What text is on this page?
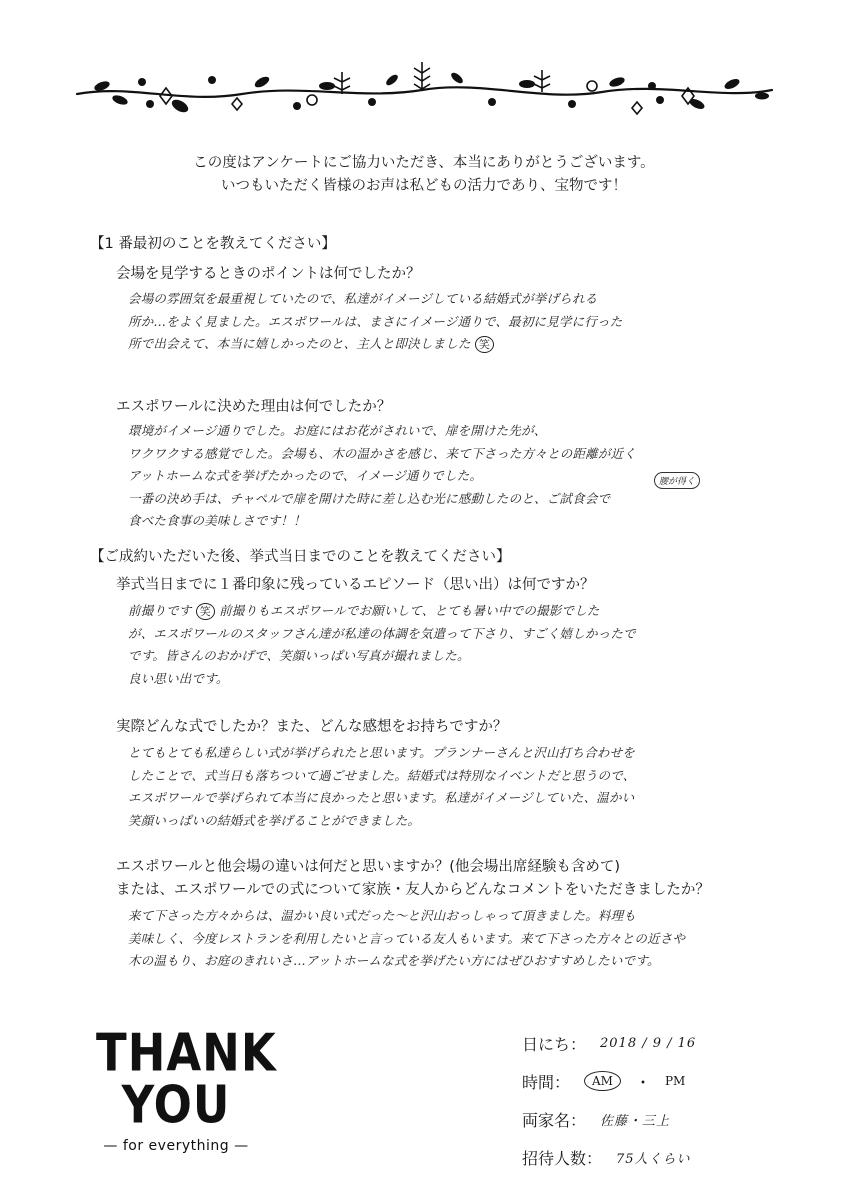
この度はアンケートにご協力いただき、本当にありがとうございます。
いつもいただく皆様のお声は私どもの活力であり、宝物です！
【1 番最初のことを教えてください】
会場を見学するときのポイントは何でしたか？

会場の雰囲気を最重視していたので、私達がイメージしている結婚式が挙げられる

所か…をよく見ました。エスポワールは、まさにイメージ通りで、最初に見学に行った

所で出会えて、本当に嬉しかったのと、主人と即決しました 笑

エスポワールに決めた理由は何でしたか？

環境がイメージ通りでした。お庭にはお花がされいで、扉を開けた先が、

ワクワクする感覚でした。会場も、木の温かさを感じ、来て下さった方々との距離が近く

アットホームな式を挙げたかったので、イメージ通りでした。

一番の決め手は、チャペルで扉を開けた時に差し込む光に感動したのと、ご試食会で

食べた食事の美味しさです！！

腰が得く
【ご成約いただいた後、挙式当日までのことを教えてください】
挙式当日までに１番印象に残っているエピソード（思い出）は何ですか？

前撮りです 笑 前撮りもエスポワールでお願いして、とても暑い中での撮影でした

が、エスポワールのスタッフさん達が私達の体調を気遣って下さり、すごく嬉しかったで

です。皆さんのおかげで、笑顔いっぱい写真が撮れました。

良い思い出です。

実際どんな式でしたか？また、どんな感想をお持ちですか？

とてもとても私達らしい式が挙げられたと思います。プランナーさんと沢山打ち合わせを

したことで、式当日も落ちついて過ごせました。結婚式は特別なイベントだと思うので、

エスポワールで挙げられて本当に良かったと思います。私達がイメージしていた、温かい

笑顔いっぱいの結婚式を挙げることができました。

エスポワールと他会場の違いは何だと思いますか？(他会場出席経験も含めて)
または、エスポワールでの式について家族・友人からどんなコメントをいただきましたか？

来て下さった方々からは、温かい良い式だった〜と沢山おっしゃって頂きました。料理も

美味しく、今度レストランを利用したいと言っている友人もいます。来て下さった方々との近さや

木の温もり、お庭のきれいさ…アットホームな式を挙げたい方にはぜひおすすめしたいです。

THANK
YOU
— for everything —
日にち： 2018 / 9 / 16
時間：	AM	・ PM
両家名： 佐藤・三上
招待人数： 75人くらい
